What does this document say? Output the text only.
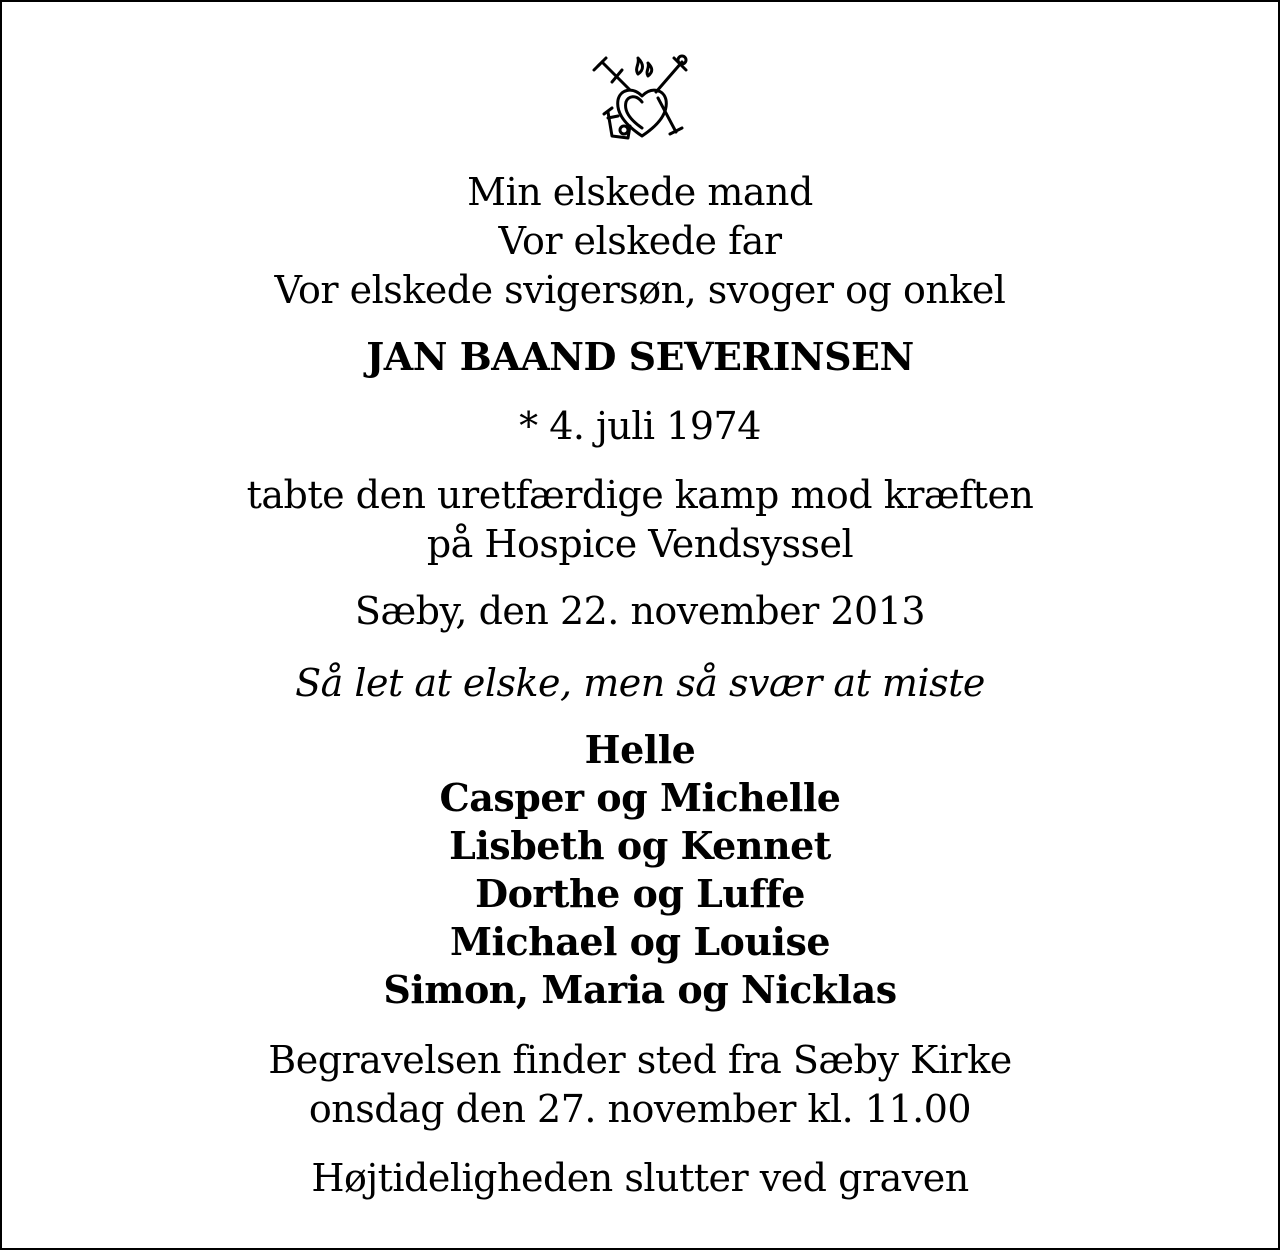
Min elskede mand
Vor elskede far
Vor elskede svigersøn, svoger og onkel
JAN BAAND SEVERINSEN
* 4. juli 1974
tabte den uretfærdige kamp mod kræften
på Hospice Vendsyssel
Sæby, den 22. november 2013
Så let at elske, men så svær at miste
Helle
Casper og Michelle
Lisbeth og Kennet
Dorthe og Luffe
Michael og Louise
Simon, Maria og Nicklas
Begravelsen finder sted fra Sæby Kirke
onsdag den 27. november kl. 11.00
Højtideligheden slutter ved graven
